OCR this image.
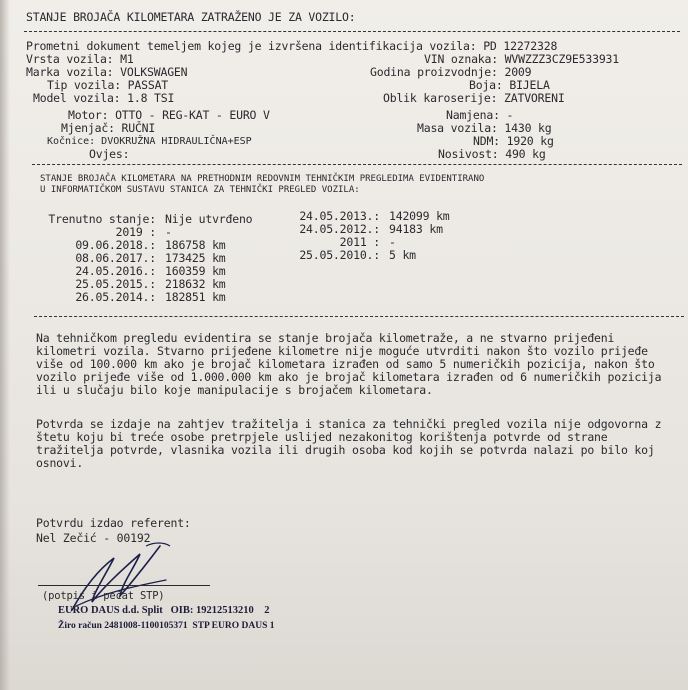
STANJE BROJAČA KILOMETARA ZATRAŽENO JE ZA VOZILO:
Prometni dokument temeljem kojeg je izvršena identifikacija vozila: PD 12272328
Vrsta vozila: M1	VIN oznaka: WVWZZZ3CZ9E533931
Marka vozila: VOLKSWAGEN	Godina proizvodnje: 2009
Tip vozila: PASSAT	Boja: BIJELA
Model vozila: 1.8 TSI	Oblik karoserije: ZATVORENI
Motor: OTTO - REG-KAT - EURO V	Namjena: -
Mjenjač: RUČNI	Masa vozila: 1430 kg
Kočnice: DVOKRUŽNA HIDRAULIČNA+ESP	NDM: 1920 kg
Ovjes:	Nosivost: 490 kg
STANJE BROJAČA KILOMETARA NA PRETHODNIM REDOVNIM TEHNIČKIM PREGLEDIMA EVIDENTIRANO
U INFORMATIČKOM SUSTAVU STANICA ZA TEHNIČKI PREGLED VOZILA:
Trenutno stanje: Nije utvrđeno
2019 : -
09.06.2018.: 186758 km
08.06.2017.: 173425 km
24.05.2016.: 160359 km
25.05.2015.: 218632 km
26.05.2014.: 182851 km
24.05.2013.: 142099 km
24.05.2012.: 94183 km
2011 : -
25.05.2010.: 5 km
Na tehničkom pregledu evidentira se stanje brojača kilometraže, a ne stvarno prijeđeni
kilometri vozila. Stvarno prijeđene kilometre nije moguće utvrditi nakon što vozilo prijeđe
više od 100.000 km ako je brojač kilometara izrađen od samo 5 numeričkih pozicija, nakon što
vozilo prijeđe više od 1.000.000 km ako je brojač kilometara izrađen od 6 numeričkih pozicija
ili u slučaju bilo koje manipulacije s brojačem kilometara.
Potvrda se izdaje na zahtjev tražitelja i stanica za tehnički pregled vozila nije odgovorna z
štetu koju bi treće osobe pretrpjele uslijed nezakonitog korištenja potvrde od strane
tražitelja potvrde, vlasnika vozila ili drugih osoba kod kojih se potvrda nalazi po bilo koj
osnovi.
Potvrdu izdao referent:
Nel Zečić - 00192
(potpis i pečat STP)
EURO DAUS d.d. Split   OIB: 19212513210    2
Žiro račun 2481008-1100105371  STP EURO DAUS 1
